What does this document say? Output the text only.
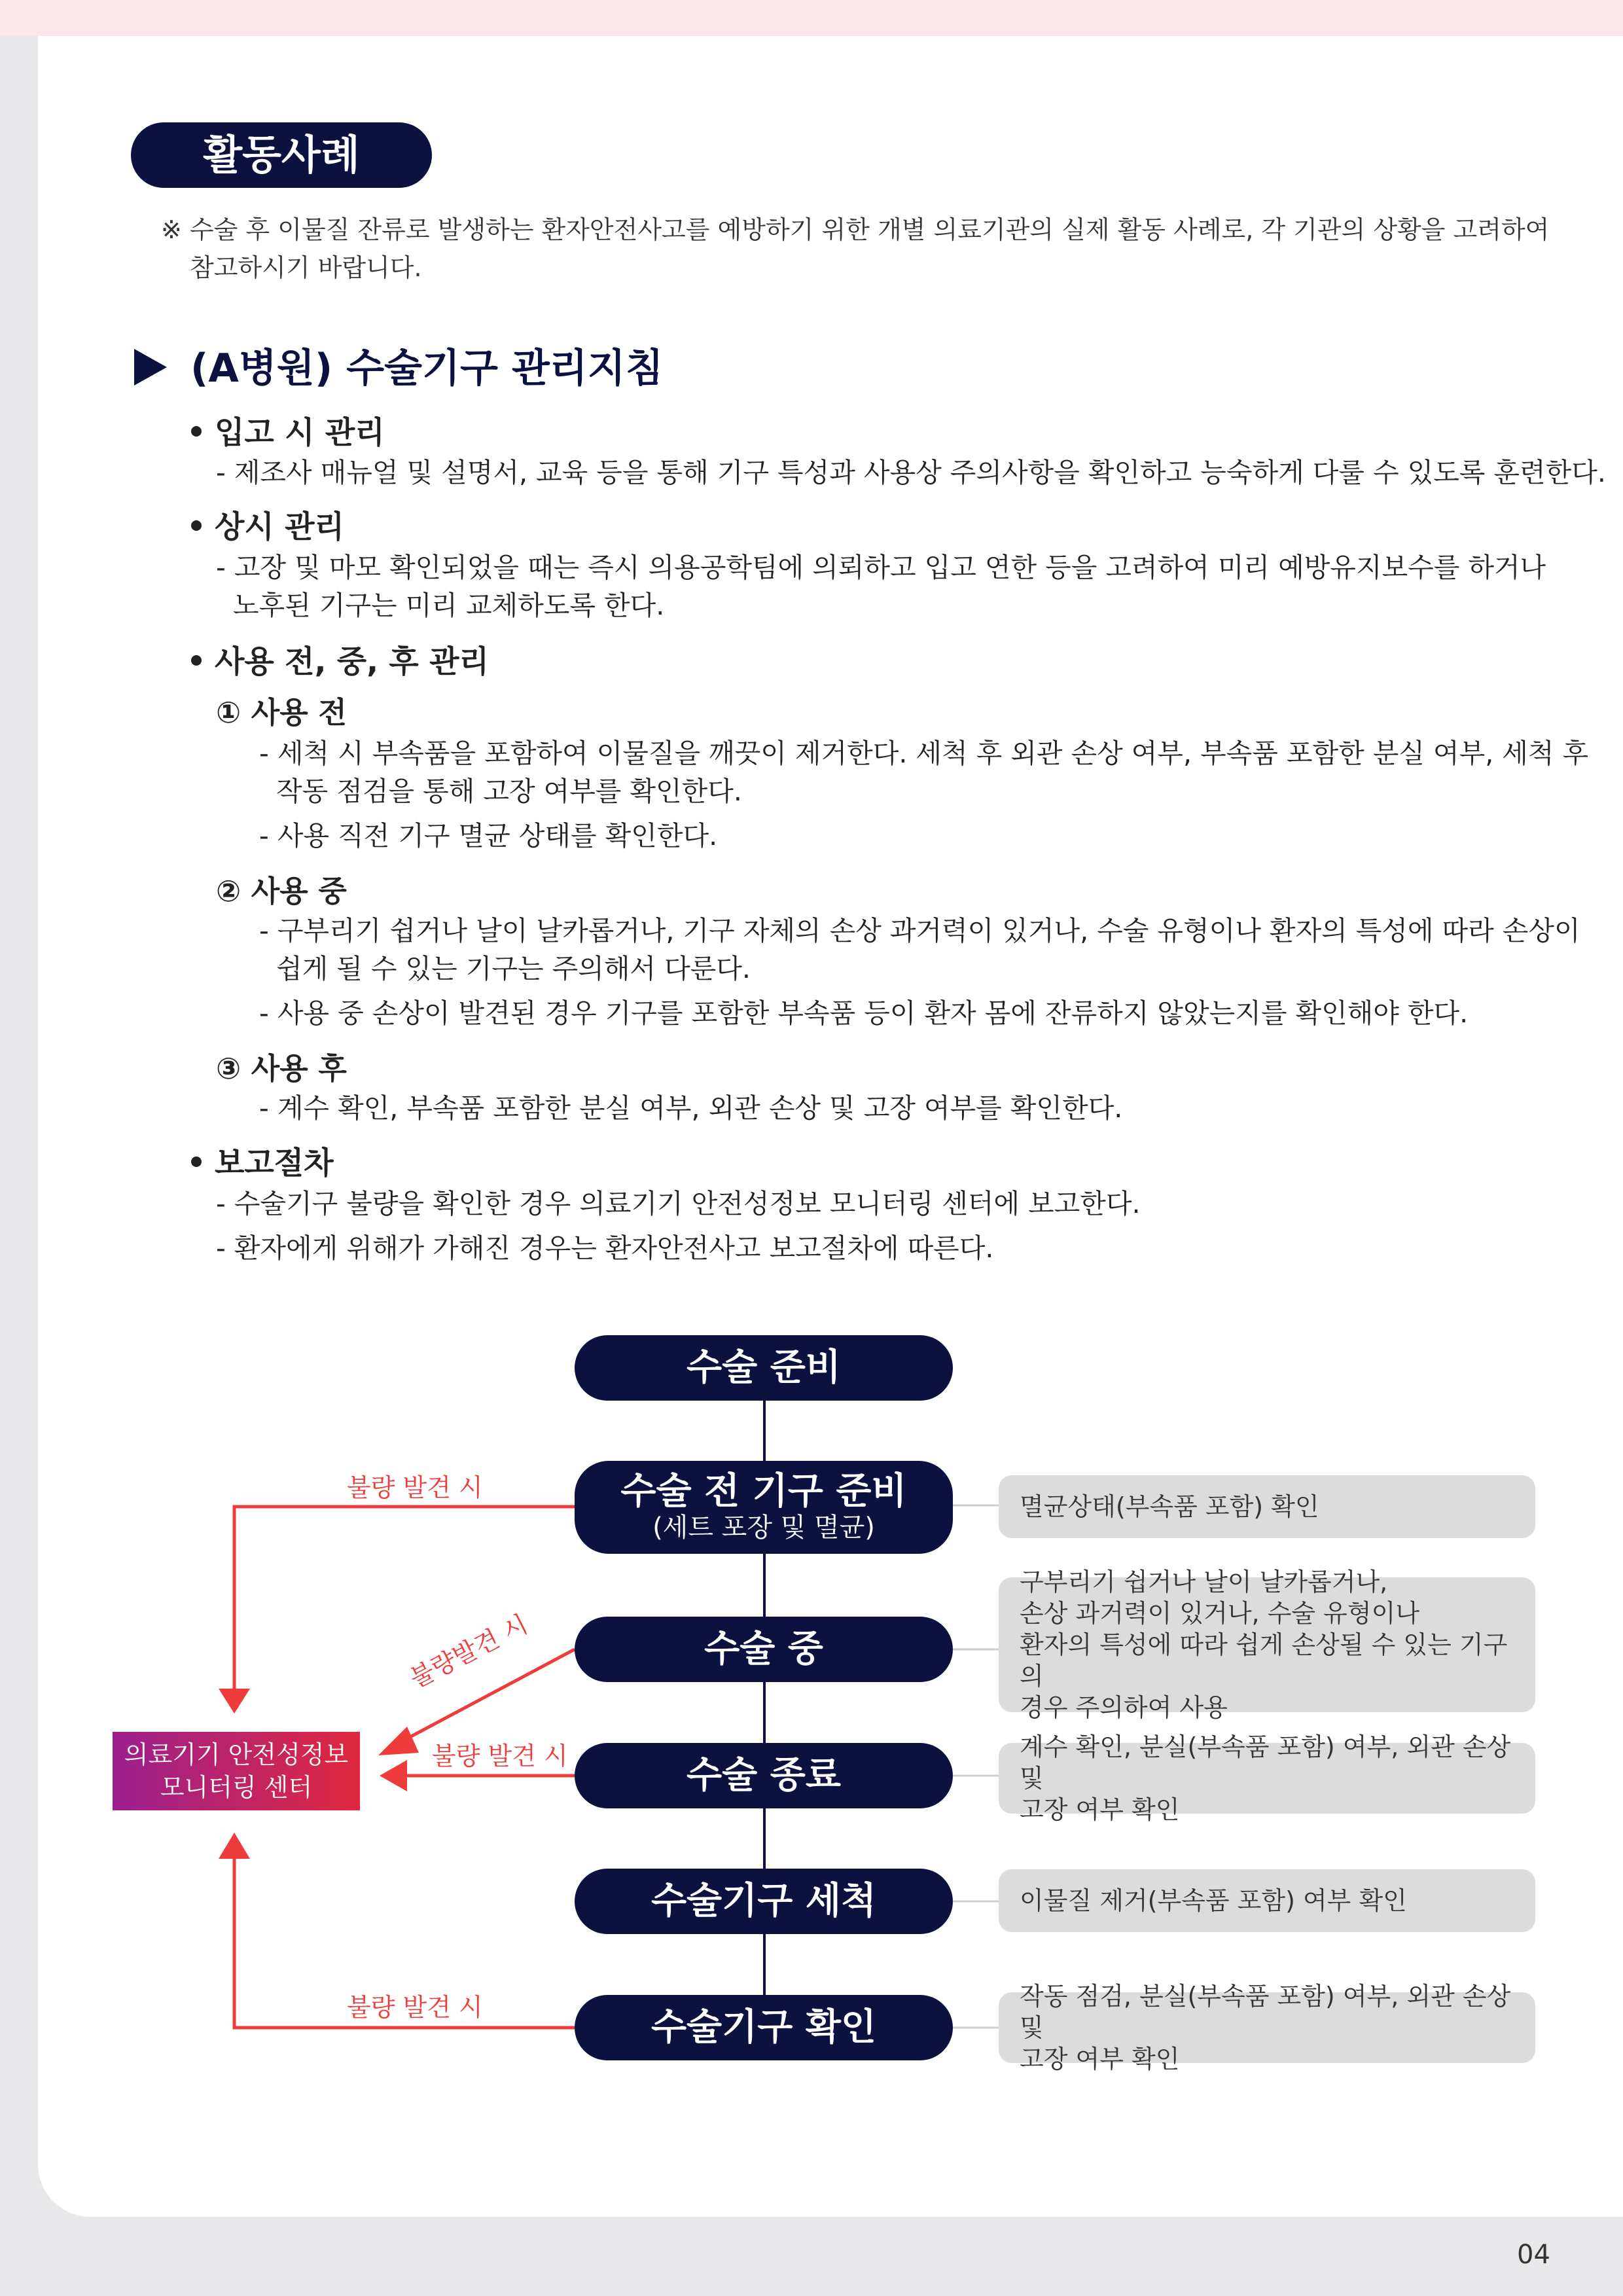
활동사례
※ 수술 후 이물질 잔류로 발생하는 환자안전사고를 예방하기 위한 개별 의료기관의 실제 활동 사례로, 각 기관의 상황을 고려하여
참고하시기 바랍니다.
(A병원) 수술기구 관리지침
입고 시 관리
- 제조사 매뉴얼 및 설명서, 교육 등을 통해 기구 특성과 사용상 주의사항을 확인하고 능숙하게 다룰 수 있도록 훈련한다.
상시 관리
- 고장 및 마모 확인되었을 때는 즉시 의용공학팀에 의뢰하고 입고 연한 등을 고려하여 미리 예방유지보수를 하거나
노후된 기구는 미리 교체하도록 한다.
사용 전, 중, 후 관리
① 사용 전
- 세척 시 부속품을 포함하여 이물질을 깨끗이 제거한다. 세척 후 외관 손상 여부, 부속품 포함한 분실 여부, 세척 후
작동 점검을 통해 고장 여부를 확인한다.
- 사용 직전 기구 멸균 상태를 확인한다.
② 사용 중
- 구부리기 쉽거나 날이 날카롭거나, 기구 자체의 손상 과거력이 있거나, 수술 유형이나 환자의 특성에 따라 손상이
쉽게 될 수 있는 기구는 주의해서 다룬다.
- 사용 중 손상이 발견된 경우 기구를 포함한 부속품 등이 환자 몸에 잔류하지 않았는지를 확인해야 한다.
③ 사용 후
- 계수 확인, 부속품 포함한 분실 여부, 외관 손상 및 고장 여부를 확인한다.
보고절차
- 수술기구 불량을 확인한 경우 의료기기 안전성정보 모니터링 센터에 보고한다.
- 환자에게 위해가 가해진 경우는 환자안전사고 보고절차에 따른다.
수술 준비
수술 전 기구 준비
(세트 포장 및 멸균)
수술 중
수술 종료
수술기구 세척
수술기구 확인
멸균상태(부속품 포함) 확인
구부리기 쉽거나 날이 날카롭거나,
손상 과거력이 있거나, 수술 유형이나
환자의 특성에 따라 쉽게 손상될 수 있는 기구의
경우 주의하여 사용
계수 확인, 분실(부속품 포함) 여부, 외관 손상 및
고장 여부 확인
이물질 제거(부속품 포함) 여부 확인
작동 점검, 분실(부속품 포함) 여부, 외관 손상 및
고장 여부 확인
의료기기 안전성정보
모니터링 센터
불량 발견 시
불량발견 시
불량 발견 시
불량 발견 시
04
